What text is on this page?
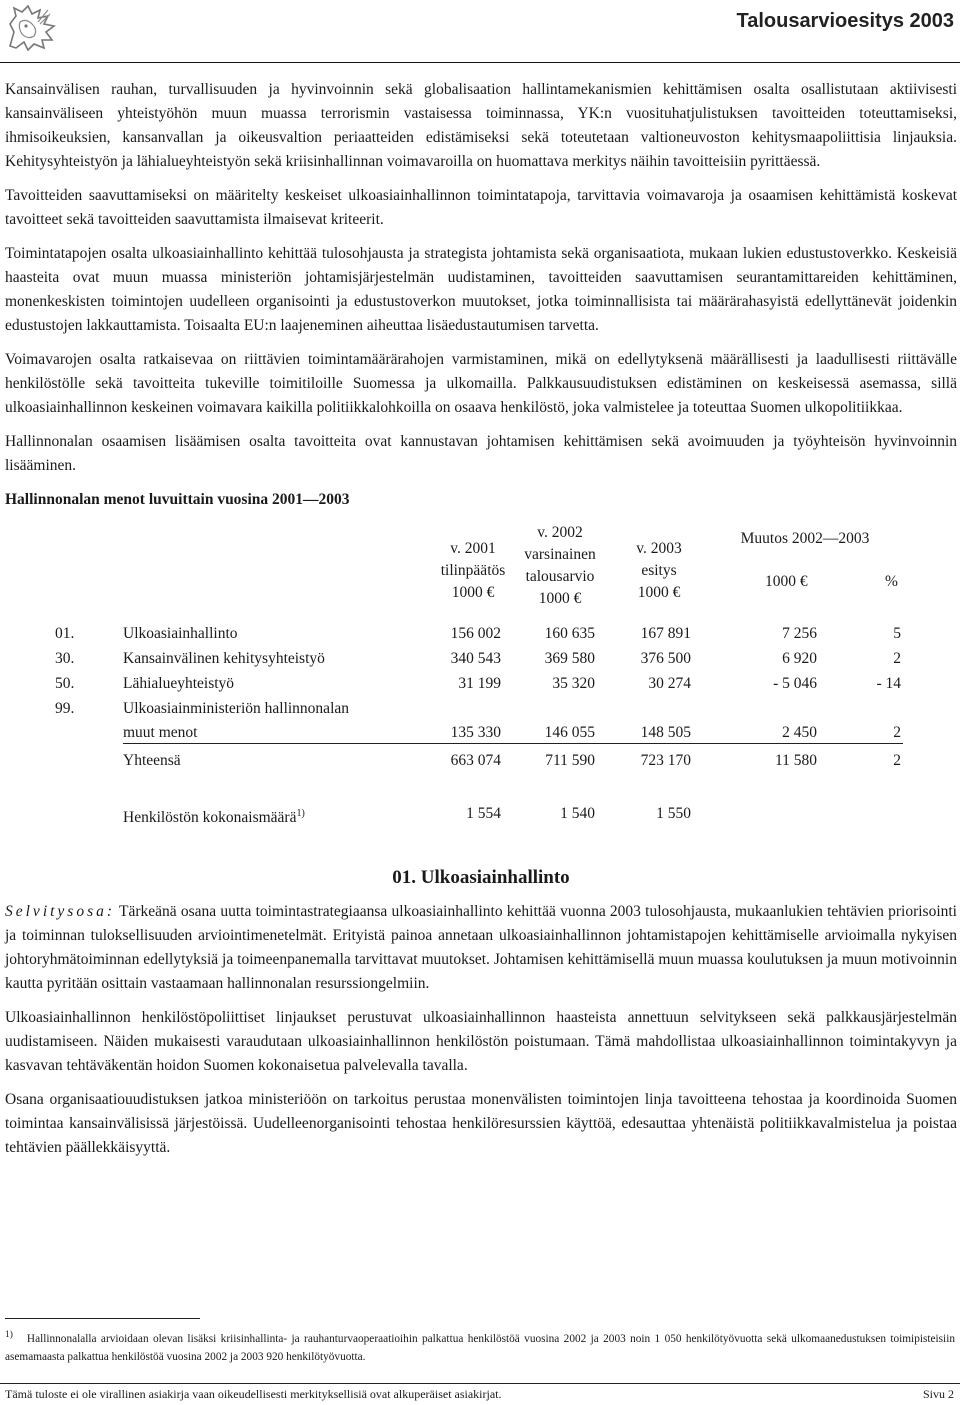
Talousarvioesitys 2003

Kansainvälisen rauhan, turvallisuuden ja hyvinvoinnin sekä globalisaation hallintamekanismien kehittämisen osalta osallistutaan aktiivisesti kansainväliseen yhteistyöhön muun muassa terrorismin vastaisessa toiminnassa, YK:n vuosituhatjulistuksen tavoitteiden toteuttamiseksi, ihmisoikeuksien, kansanvallan ja oikeusvaltion periaatteiden edistämiseksi sekä toteutetaan valtioneuvoston kehitysmaapoliittisia linjauksia. Kehitysyhteistyön ja lähialueyhteistyön sekä kriisinhallinnan voimavaroilla on huomattava merkitys näihin tavoitteisiin pyrittäessä.

Tavoitteiden saavuttamiseksi on määritelty keskeiset ulkoasiainhallinnon toimintatapoja, tarvittavia voimavaroja ja osaamisen kehittämistä koskevat tavoitteet sekä tavoitteiden saavuttamista ilmaisevat kriteerit.

Toimintatapojen osalta ulkoasiainhallinto kehittää tulosohjausta ja strategista johtamista sekä organisaatiota, mukaan lukien edustustoverkko. Keskeisiä haasteita ovat muun muassa ministeriön johtamisjärjestelmän uudistaminen, tavoitteiden saavuttamisen seurantamittareiden kehittäminen, monenkeskisten toimintojen uudelleen organisointi ja edustustoverkon muutokset, jotka toiminnallisista tai määrärahasyistä edellyttänevät joidenkin edustustojen lakkauttamista. Toisaalta EU:n laajeneminen aiheuttaa lisäedustautumisen tarvetta.

Voimavarojen osalta ratkaisevaa on riittävien toimintamäärärahojen varmistaminen, mikä on edellytyksenä määrällisesti ja laadullisesti riittävälle henkilöstölle sekä tavoitteita tukeville toimitiloille Suomessa ja ulkomailla. Palkkausuudistuksen edistäminen on keskeisessä asemassa, sillä ulkoasiainhallinnon keskeinen voimavara kaikilla politiikkalohkoilla on osaava henkilöstö, joka valmistelee ja toteuttaa Suomen ulkopolitiikkaa.

Hallinnonalan osaamisen lisäämisen osalta tavoitteita ovat kannustavan johtamisen kehittämisen sekä avoimuuden ja työyhteisön hyvinvoinnin lisääminen.

Hallinnonalan menot luvuittain vuosina 2001—2003
v. 2001
tilinpäätös
1000 €
v. 2002
varsinainen
talousarvio
1000 €
v. 2003
esitys
1000 €
Muutos 2002—2003
1000 €	%
01.	Ulkoasiainhallinto	156 002	160 635	167 891	7 256	5
30.	Kansainvälinen kehitysyhteistyö	340 543	369 580	376 500	6 920	2
50.	Lähialueyhteistyö	31 199	35 320	30 274	- 5 046	- 14
99.	Ulkoasiainministeriön hallinnonalan
muut menot	135 330	146 055	148 505	2 450	2
Yhteensä	663 074	711 590	723 170	11 580	2
Henkilöstön kokonaismäärä$^{1)}$	1 554	1 540	1 550
01. Ulkoasiainhallinto

Selvitysosa: Tärkeänä osana uutta toimintastrategiaansa ulkoasiainhallinto kehittää vuonna 2003 tulosohjausta, mukaanlukien tehtävien priorisointi ja toiminnan tuloksellisuuden arviointimenetelmät. Erityistä painoa annetaan ulkoasiainhallinnon johtamistapojen kehittämiselle arvioimalla nykyisen johtoryhmätoiminnan edellytyksiä ja toimeenpanemalla tarvittavat muutokset. Johtamisen kehittämisellä muun muassa koulutuksen ja muun motivoinnin kautta pyritään osittain vastaamaan hallinnonalan resurssiongelmiin.

Ulkoasiainhallinnon henkilöstöpoliittiset linjaukset perustuvat ulkoasiainhallinnon haasteista annettuun selvitykseen sekä palkkausjärjestelmän uudistamiseen. Näiden mukaisesti varaudutaan ulkoasiainhallinnon henkilöstön poistumaan. Tämä mahdollistaa ulkoasiainhallinnon toimintakyvyn ja kasvavan tehtäväkentän hoidon Suomen kokonaisetua palvelevalla tavalla.

Osana organisaatiouudistuksen jatkoa ministeriöön on tarkoitus perustaa monenvälisten toimintojen linja tavoitteena tehostaa ja koordinoida Suomen toimintaa kansainvälisissä järjestöissä. Uudelleenorganisointi tehostaa henkilöresurssien käyttöä, edesauttaa yhtenäistä politiikkavalmistelua ja poistaa tehtävien päällekkäisyyttä.

$^{1)}$ Hallinnonalalla arvioidaan olevan lisäksi kriisinhallinta- ja rauhanturvaoperaatioihin palkattua henkilöstöä vuosina 2002 ja 2003 noin 1 050 henkilötyövuotta sekä ulkomaanedustuksen toimipisteisiin asemamaasta palkattua henkilöstöä vuosina 2002 ja 2003 920 henkilötyövuotta.
Tämä tuloste ei ole virallinen asiakirja vaan oikeudellisesti merkityksellisiä ovat alkuperäiset asiakirjat.	Sivu 2
